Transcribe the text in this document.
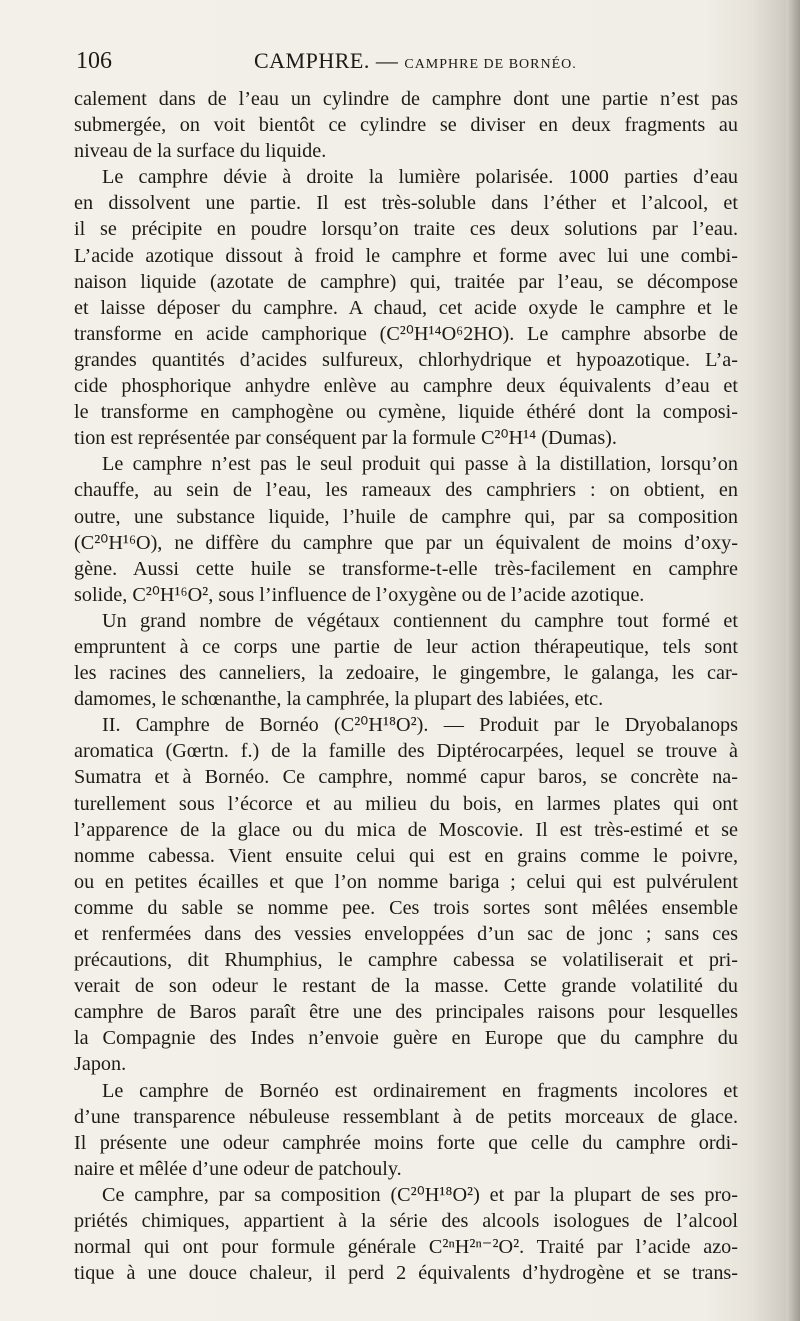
106	CAMPHRE. — CAMPHRE DE BORNÉO.
calement dans de l’eau un cylindre de camphre dont une partie n’est pas
submergée, on voit bientôt ce cylindre se diviser en deux fragments au
niveau de la surface du liquide.
Le camphre dévie à droite la lumière polarisée. 1000 parties d’eau
en dissolvent une partie. Il est très-soluble dans l’éther et l’alcool, et
il se précipite en poudre lorsqu’on traite ces deux solutions par l’eau.
L’acide azotique dissout à froid le camphre et forme avec lui une combi-
naison liquide (azotate de camphre) qui, traitée par l’eau, se décompose
et laisse déposer du camphre. A chaud, cet acide oxyde le camphre et le
transforme en acide camphorique (C²⁰H¹⁴O⁶2HO). Le camphre absorbe de
grandes quantités d’acides sulfureux, chlorhydrique et hypoazotique. L’a-
cide phosphorique anhydre enlève au camphre deux équivalents d’eau et
le transforme en camphogène ou cymène, liquide éthéré dont la composi-
tion est représentée par conséquent par la formule C²⁰H¹⁴ (Dumas).
Le camphre n’est pas le seul produit qui passe à la distillation, lorsqu’on
chauffe, au sein de l’eau, les rameaux des camphriers : on obtient, en
outre, une substance liquide, l’huile de camphre qui, par sa composition
(C²⁰H¹⁶O), ne diffère du camphre que par un équivalent de moins d’oxy-
gène. Aussi cette huile se transforme-t-elle très-facilement en camphre
solide, C²⁰H¹⁶O², sous l’influence de l’oxygène ou de l’acide azotique.
Un grand nombre de végétaux contiennent du camphre tout formé et
empruntent à ce corps une partie de leur action thérapeutique, tels sont
les racines des canneliers, la zedoaire, le gingembre, le galanga, les car-
damomes, le schœnanthe, la camphrée, la plupart des labiées, etc.
II. Camphre de Bornéo (C²⁰H¹⁸O²). — Produit par le Dryobalanops
aromatica (Gœrtn. f.) de la famille des Diptérocarpées, lequel se trouve à
Sumatra et à Bornéo. Ce camphre, nommé capur baros, se concrète na-
turellement sous l’écorce et au milieu du bois, en larmes plates qui ont
l’apparence de la glace ou du mica de Moscovie. Il est très-estimé et se
nomme cabessa. Vient ensuite celui qui est en grains comme le poivre,
ou en petites écailles et que l’on nomme bariga ; celui qui est pulvérulent
comme du sable se nomme pee. Ces trois sortes sont mêlées ensemble
et renfermées dans des vessies enveloppées d’un sac de jonc ; sans ces
précautions, dit Rhumphius, le camphre cabessa se volatiliserait et pri-
verait de son odeur le restant de la masse. Cette grande volatilité du
camphre de Baros paraît être une des principales raisons pour lesquelles
la Compagnie des Indes n’envoie guère en Europe que du camphre du
Japon.
Le camphre de Bornéo est ordinairement en fragments incolores et
d’une transparence nébuleuse ressemblant à de petits morceaux de glace.
Il présente une odeur camphrée moins forte que celle du camphre ordi-
naire et mêlée d’une odeur de patchouly.
Ce camphre, par sa composition (C²⁰H¹⁸O²) et par la plupart de ses pro-
priétés chimiques, appartient à la série des alcools isologues de l’alcool
normal qui ont pour formule générale C²ⁿH²ⁿ⁻²O². Traité par l’acide azo-
tique à une douce chaleur, il perd 2 équivalents d’hydrogène et se trans-
